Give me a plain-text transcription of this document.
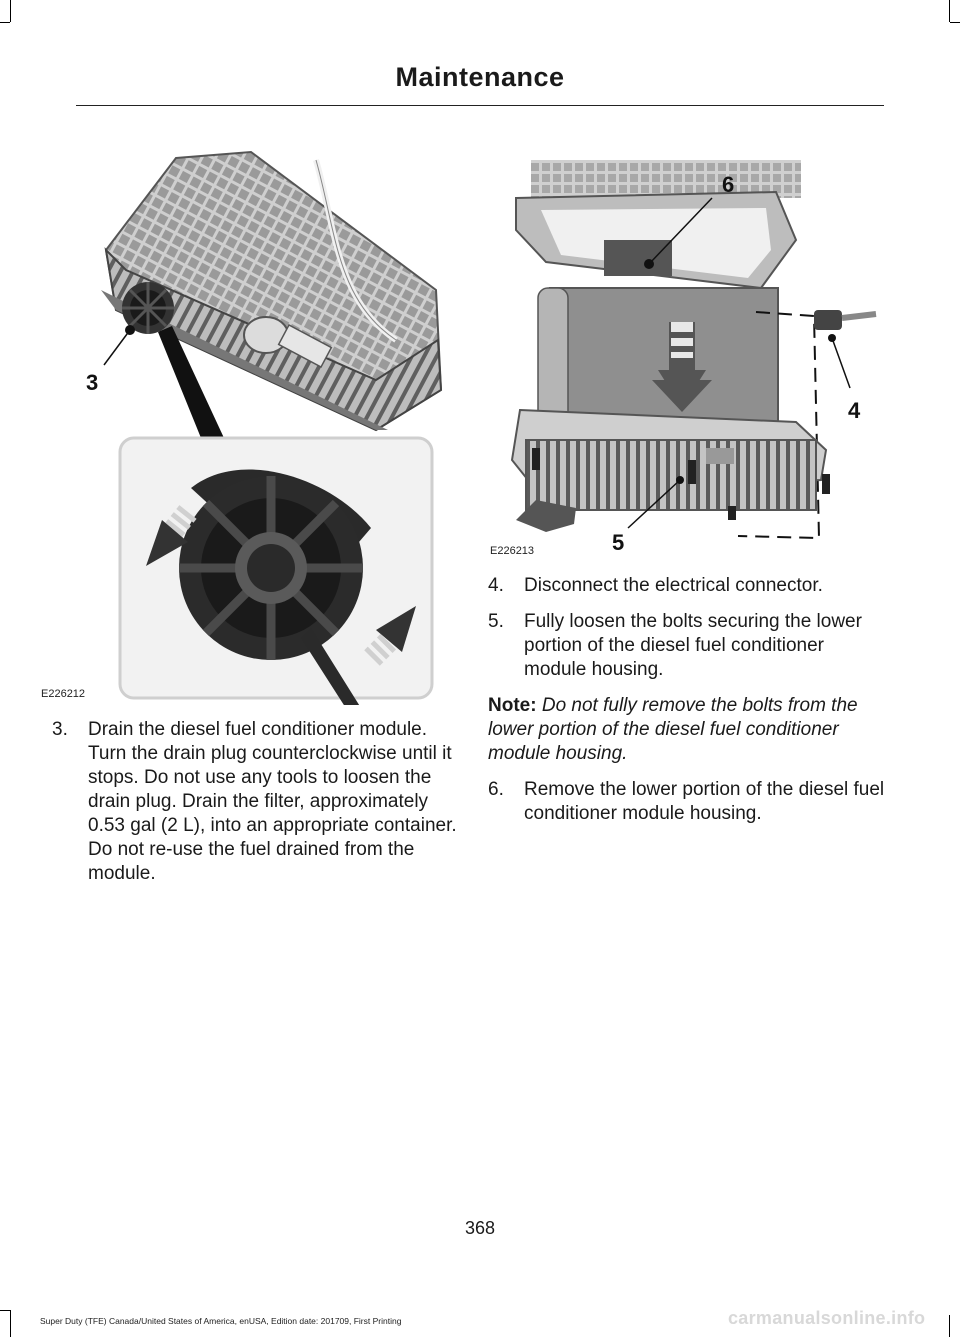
Maintenance
3
E226212
6
4
5
E226213
3. Drain the diesel fuel conditioner module. Turn the drain plug counterclockwise until it stops. Do not use any tools to loosen the drain plug. Drain the filter, approximately 0.53 gal (2 L), into an appropriate container. Do not re-use the fuel drained from the module.
4. Disconnect the electrical connector.
5. Fully loosen the bolts securing the lower portion of the diesel fuel conditioner module housing.
Note: Do not fully remove the bolts from the lower portion of the diesel fuel conditioner module housing.
6. Remove the lower portion of the diesel fuel conditioner module housing.
368
Super Duty (TFE) Canada/United States of America, enUSA, Edition date: 201709, First Printing	carmanualsonline.info
